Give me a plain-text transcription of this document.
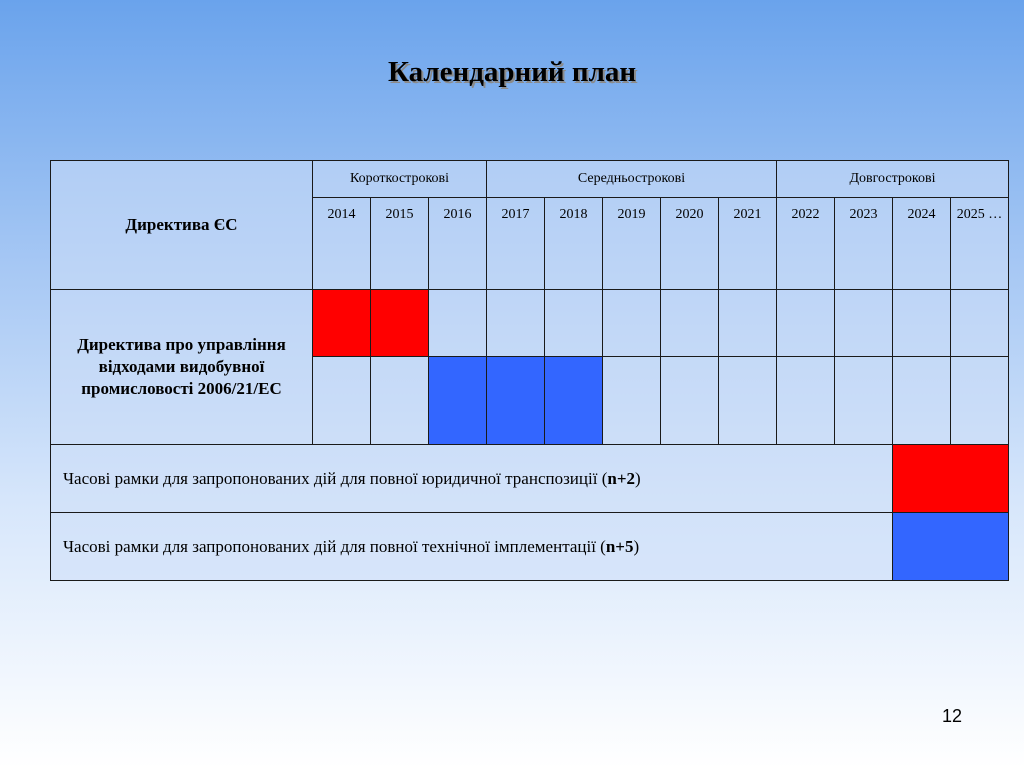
Календарний план
Директива ЄС	Короткострокові			Середньострокові					Довгострокові			
	2014	2015	2016	2017	2018	2019	2020	2021	2022	2023	2024	2025 …
Директива про управління відходами видобувної промисловості 2006/21/ЕС												

Часові рамки для запропонованих дій для повної юридичної транспозиції (n+2)												
Часові рамки для запропонованих дій для повної технічної імплементації (n+5)												
12
